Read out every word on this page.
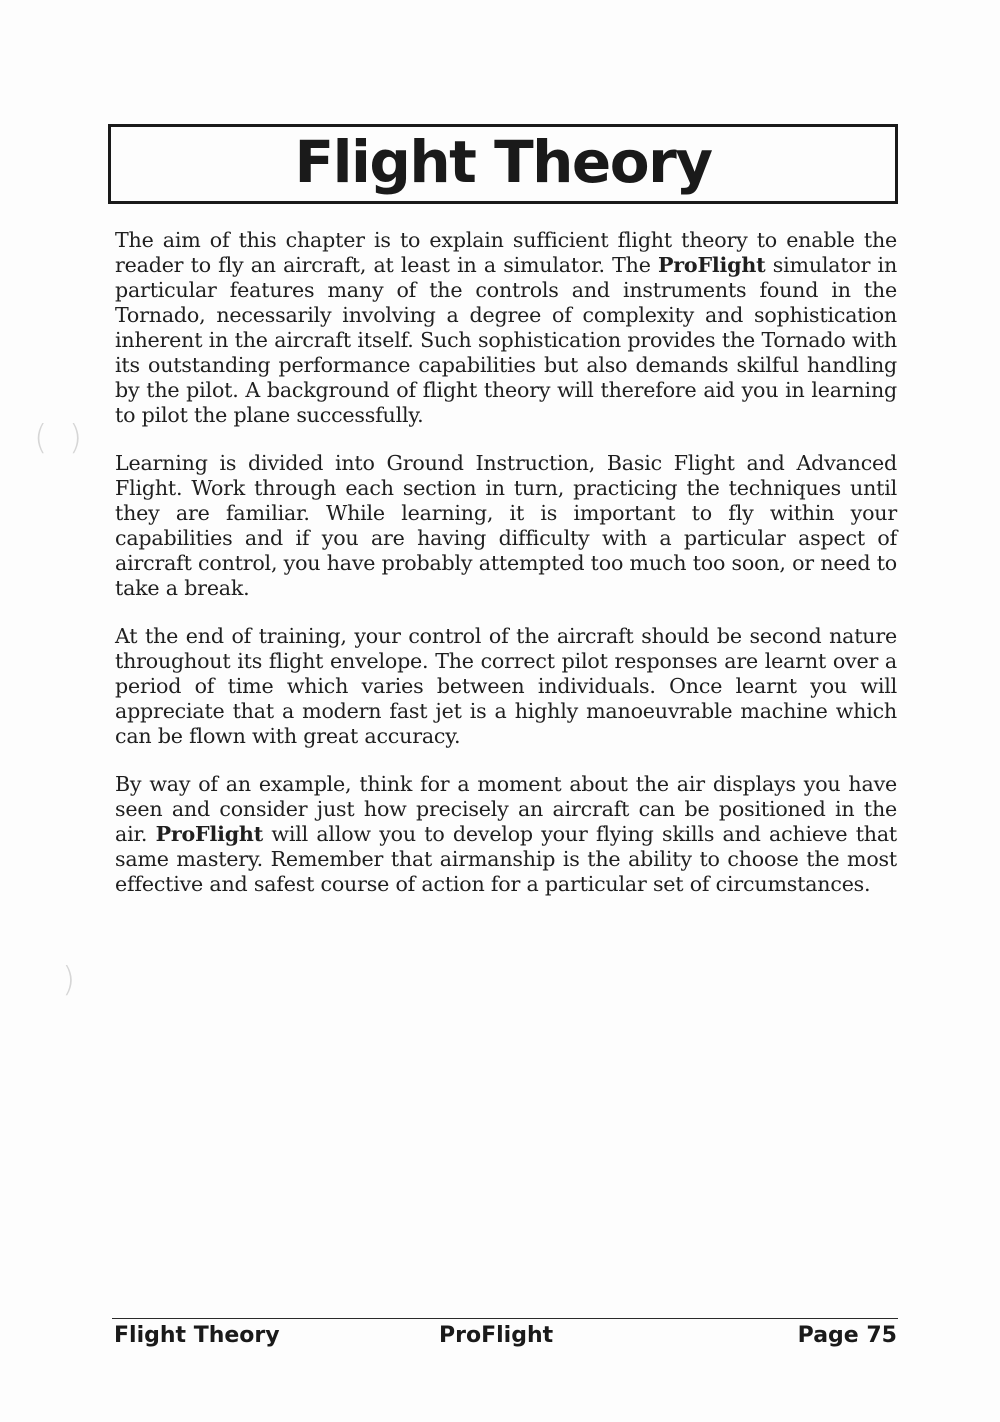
(  )
)
Flight Theory

The aim of this chapter is to explain sufficient flight theory to enable the reader to fly an aircraft, at least in a simulator. The ProFlight simulator in particular features many of the controls and instruments found in the Tornado, necessarily involving a degree of complexity and sophistication inherent in the aircraft itself. Such sophistication provides the Tornado with its outstanding performance capabilities but also demands skilful handling by the pilot. A background of flight theory will therefore aid you in learning to pilot the plane successfully.

Learning is divided into Ground Instruction, Basic Flight and Advanced Flight. Work through each section in turn, practicing the techniques until they are familiar. While learning, it is important to fly within your capabilities and if you are having difficulty with a particular aspect of aircraft control, you have probably attempted too much too soon, or need to take a break.

At the end of training, your control of the aircraft should be second nature throughout its flight envelope. The correct pilot responses are learnt over a period of time which varies between individuals. Once learnt you will appreciate that a modern fast jet is a highly manoeuvrable machine which can be flown with great accuracy.

By way of an example, think for a moment about the air displays you have seen and consider just how precisely an aircraft can be positioned in the air. ProFlight will allow you to develop your flying skills and achieve that same mastery. Remember that airmanship is the ability to choose the most effective and safest course of action for a particular set of circumstances.

Flight Theory	ProFlight	Page 75
